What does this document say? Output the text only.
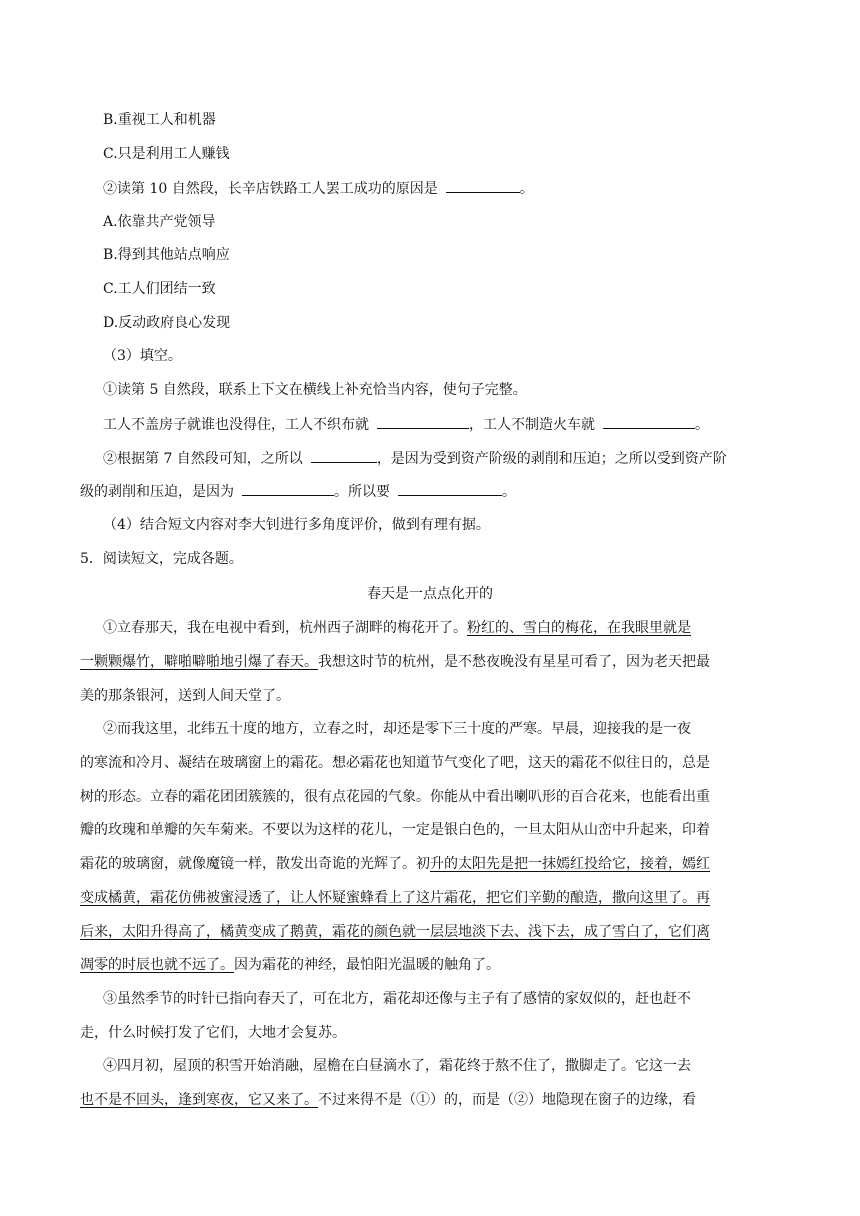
B.重视工人和机器
C.只是利用工人赚钱
②读第 10 自然段，长辛店铁路工人罢工成功的原因是	。
A.依靠共产党领导
B.得到其他站点响应
C.工人们团结一致
D.反动政府良心发现
（3）填空。
①读第 5 自然段，联系上下文在横线上补充恰当内容，使句子完整。
工人不盖房子就谁也没得住，工人不织布就	，工人不制造火车就	。
②根据第 7 自然段可知，之所以	，是因为受到资产阶级的剥削和压迫；之所以受到资产阶
级的剥削和压迫，是因为	。所以要	。
（4）结合短文内容对李大钊进行多角度评价，做到有理有据。
5．阅读短文，完成各题。
春天是一点点化开的
①立春那天，我在电视中看到，杭州西子湖畔的梅花开了。粉红的、雪白的梅花，在我眼里就是
一颗颗爆竹，噼啪噼啪地引爆了春天。我想这时节的杭州，是不愁夜晚没有星星可看了，因为老天把最
美的那条银河，送到人间天堂了。
②而我这里，北纬五十度的地方，立春之时，却还是零下三十度的严寒。早晨，迎接我的是一夜
的寒流和冷月、凝结在玻璃窗上的霜花。想必霜花也知道节气变化了吧，这天的霜花不似往日的，总是
树的形态。立春的霜花团团簇簇的，很有点花园的气象。你能从中看出喇叭形的百合花来，也能看出重
瓣的玫瑰和单瓣的矢车菊来。不要以为这样的花儿，一定是银白色的，一旦太阳从山峦中升起来，印着
霜花的玻璃窗，就像魔镜一样，散发出奇诡的光辉了。初升的太阳先是把一抹嫣红投给它，接着，嫣红
变成橘黄，霜花仿佛被蜜浸透了，让人怀疑蜜蜂看上了这片霜花，把它们辛勤的酿造，撒向这里了。再
后来，太阳升得高了，橘黄变成了鹅黄，霜花的颜色就一层层地淡下去、浅下去，成了雪白了，它们离
凋零的时辰也就不远了。因为霜花的神经，最怕阳光温暖的触角了。
③虽然季节的时针已指向春天了，可在北方，霜花却还像与主子有了感情的家奴似的，赶也赶不
走，什么时候打发了它们，大地才会复苏。
④四月初，屋顶的积雪开始消融，屋檐在白昼滴水了，霜花终于熬不住了，撒脚走了。它这一去
也不是不回头，逢到寒夜，它又来了。不过来得不是（①）的，而是（②）地隐现在窗子的边缘，看
